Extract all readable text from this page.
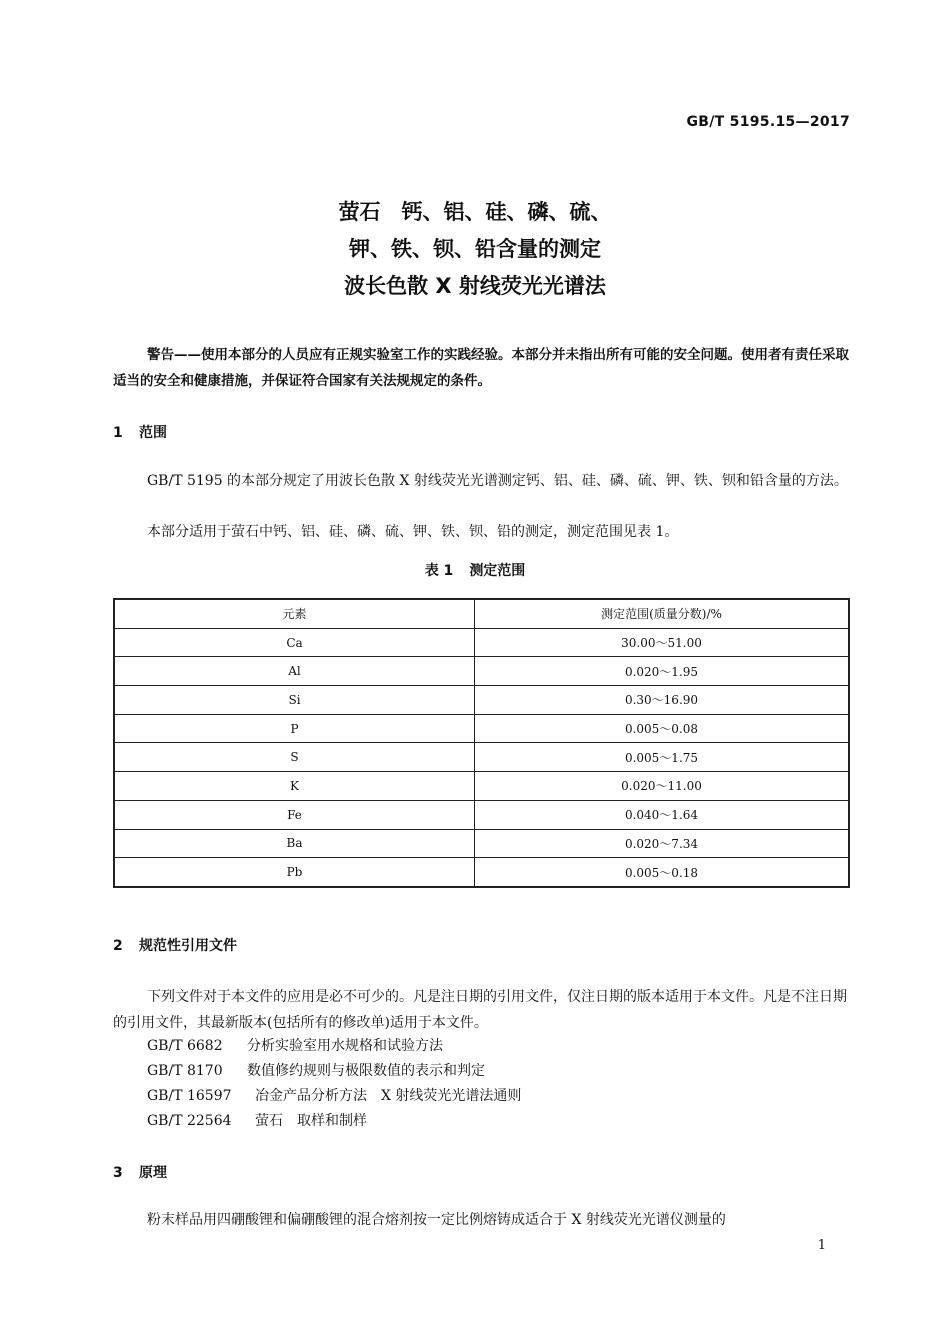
GB/T 5195.15—2017
萤石　钙、铝、硅、磷、硫、
钾、铁、钡、铅含量的测定
波长色散 X 射线荧光光谱法
警告——使用本部分的人员应有正规实验室工作的实践经验。本部分并未指出所有可能的安全问题。使用者有责任采取适当的安全和健康措施，并保证符合国家有关法规规定的条件。
1 范围
GB/T 5195 的本部分规定了用波长色散 X 射线荧光光谱测定钙、铝、硅、磷、硫、钾、铁、钡和铅含量的方法。
本部分适用于萤石中钙、铝、硅、磷、硫、钾、铁、钡、铅的测定，测定范围见表 1。
表 1 测定范围
元素	测定范围(质量分数)/%
Ca	30.00～51.00
Al	0.020～1.95
Si	0.30～16.90
P	0.005～0.08
S	0.005～1.75
K	0.020～11.00
Fe	0.040～1.64
Ba	0.020～7.34
Pb	0.005～0.18
2 规范性引用文件
下列文件对于本文件的应用是必不可少的。凡是注日期的引用文件，仅注日期的版本适用于本文件。凡是不注日期的引用文件，其最新版本(包括所有的修改单)适用于本文件。
GB/T 6682 分析实验室用水规格和试验方法
GB/T 8170 数值修约规则与极限数值的表示和判定
GB/T 16597 冶金产品分析方法　X 射线荧光光谱法通则
GB/T 22564 萤石　取样和制样
3 原理
粉末样品用四硼酸锂和偏硼酸锂的混合熔剂按一定比例熔铸成适合于 X 射线荧光光谱仪测量的
1
